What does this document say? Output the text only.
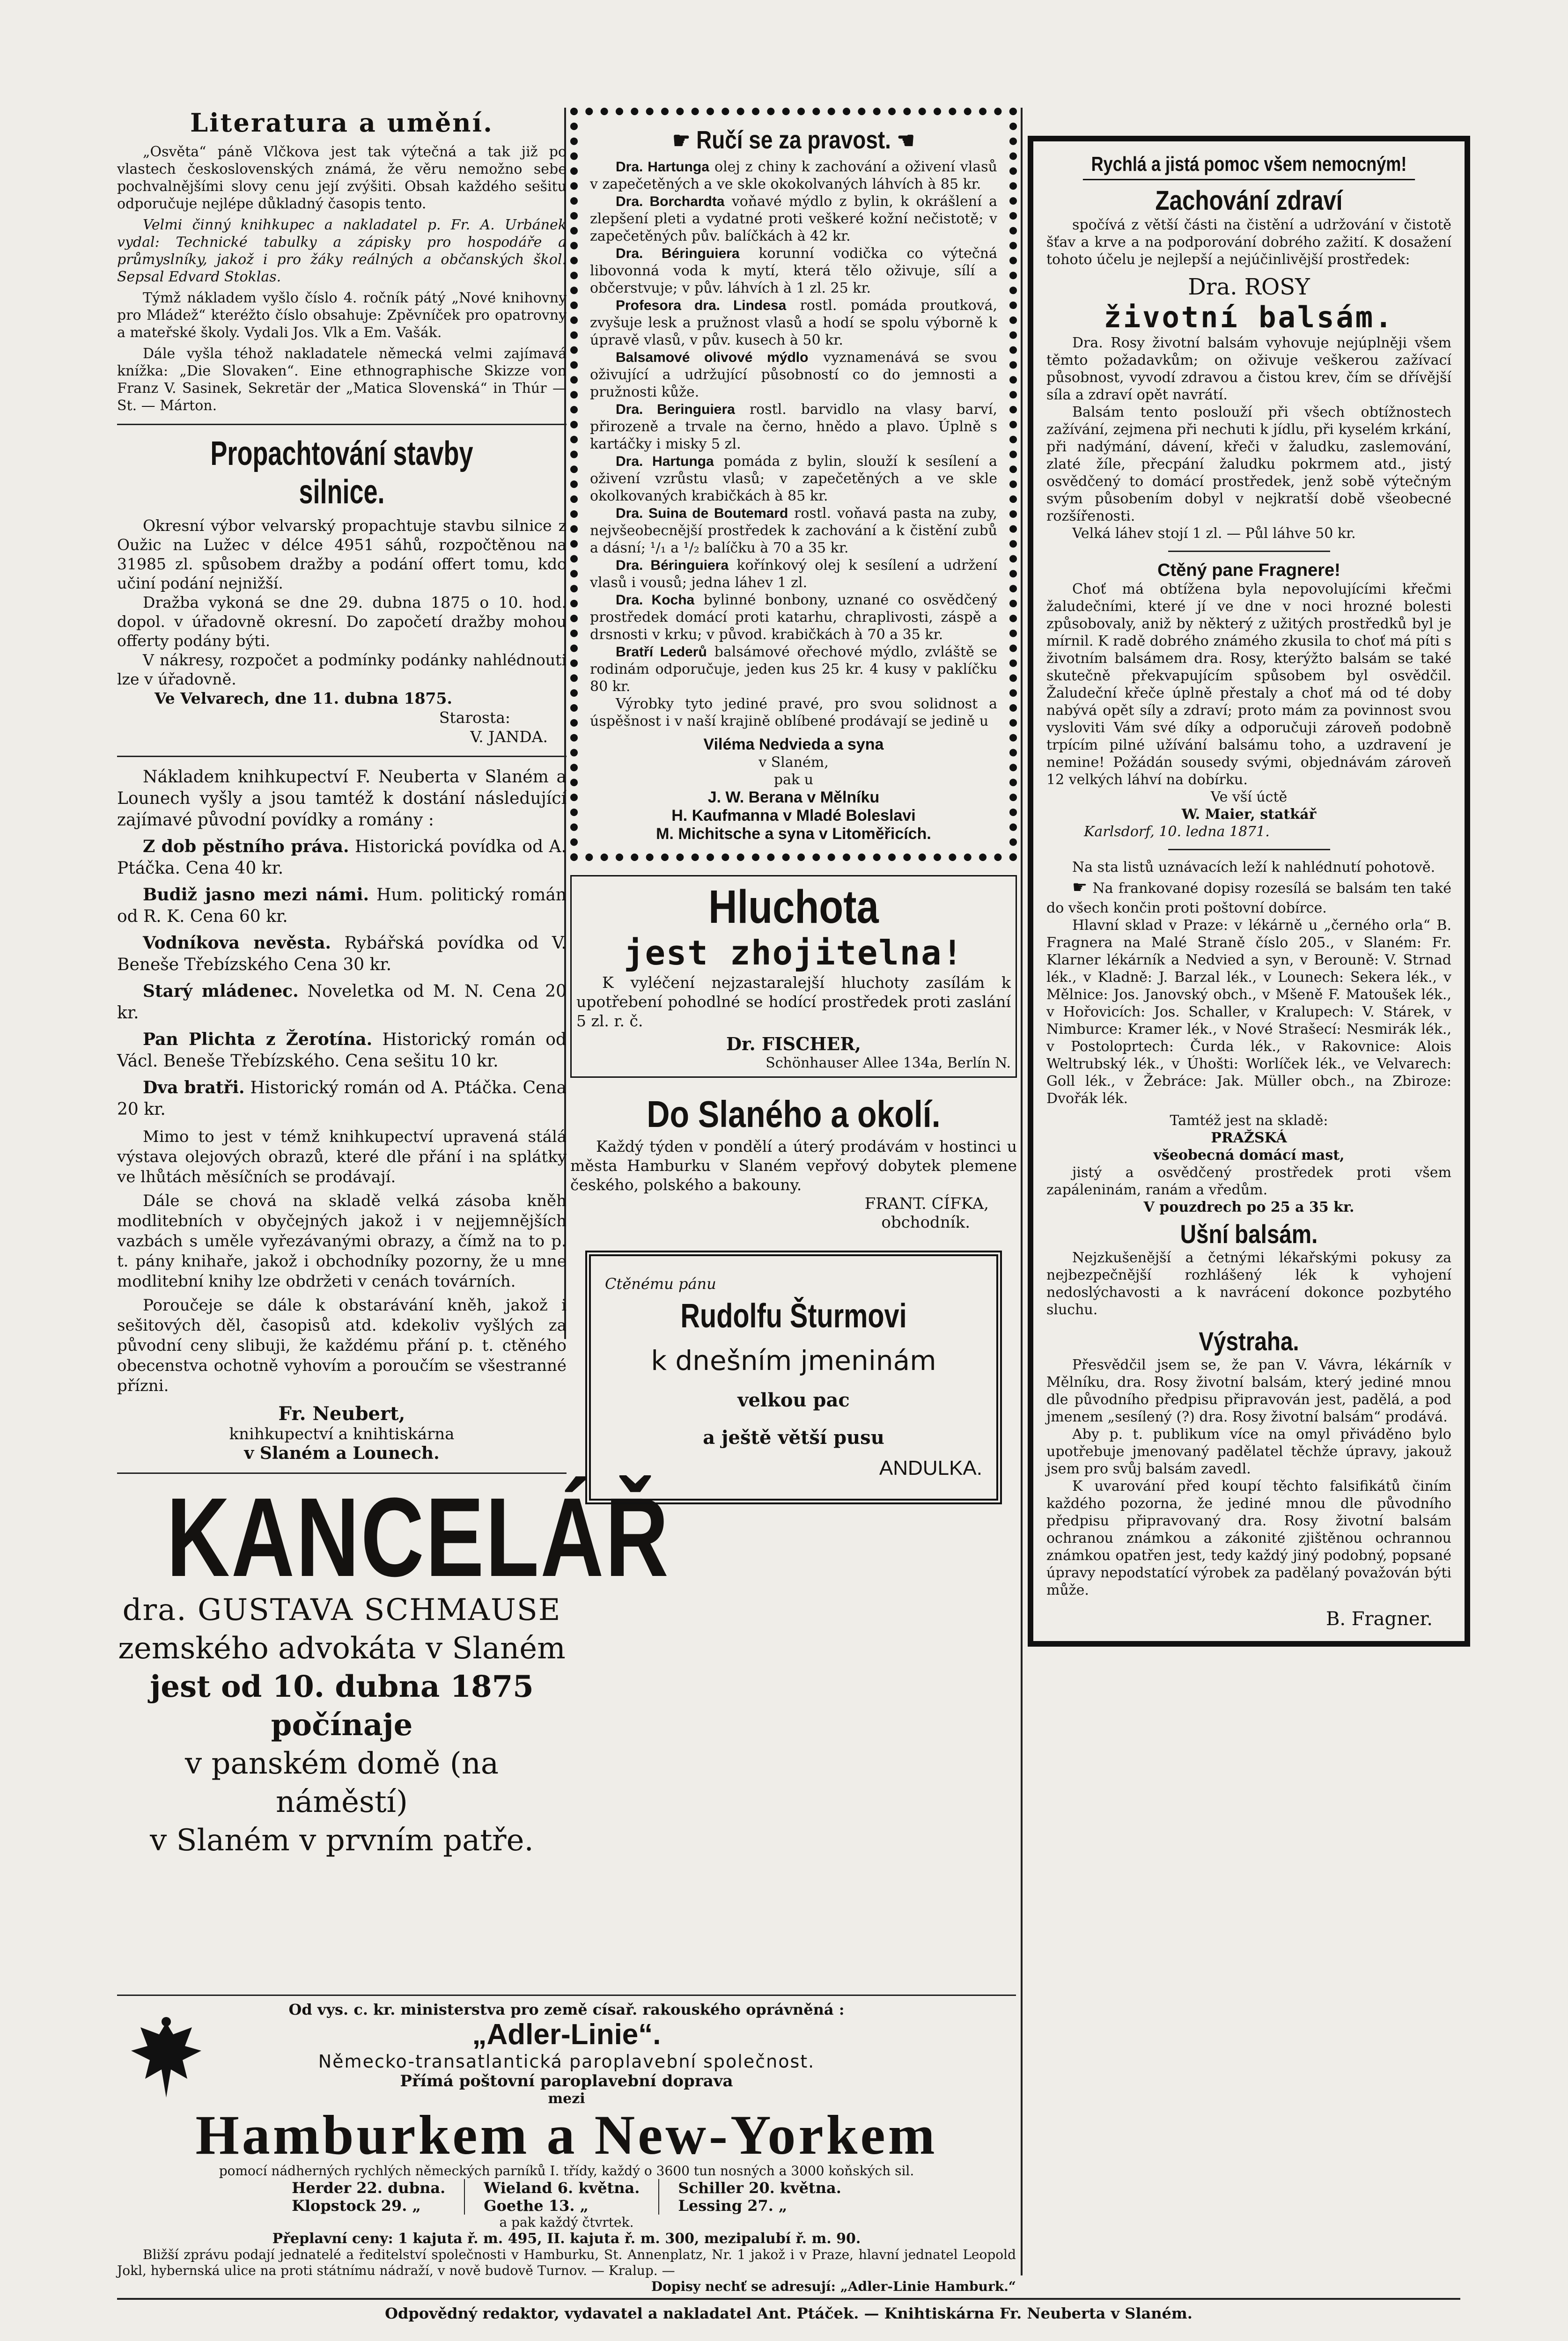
Literatura a umění.

„Osvěta“ páně Vlčkova jest tak výtečná a tak již po vlastech československých známá, že věru nemožno sebe pochvalnějšími slovy cenu její zvýšiti. Obsah každého sešitu odporučuje nejlépe důkladný časopis tento.

Velmi činný knihkupec a nakladatel p. Fr. A. Urbánek vydal: Technické tabulky a zápisky pro hospodáře a průmyslníky, jakož i pro žáky reálných a občanských škol. Sepsal Edvard Stoklas.

Týmž nákladem vyšlo číslo 4. ročník pátý „Nové knihovny pro Mládež“ kteréžto číslo obsahuje: Zpěvníček pro opatrovny a mateřské školy. Vydali Jos. Vlk a Em. Vašák.

Dále vyšla téhož nakladatele německá velmi zajímavá knížka: „Die Slovaken“. Eine ethnographische Skizze von Franz V. Sasinek, Sekretär der „Matica Slovenská“ in Thúr — St. — Márton.

Propachtování stavby silnice.

Okresní výbor velvarský propachtuje stavbu silnice z Oužic na Lužec v délce 4951 sáhů, rozpočtěnou na 31985 zl. spůsobem dražby a podání offert tomu, kdo učiní podání nejnižší.

Dražba vykoná se dne 29. dubna 1875 o 10. hod. dopol. v úřadovně okresní. Do započetí dražby mohou offerty podány býti.

V nákresy, rozpočet a podmínky podánky nahlédnouti lze v úřadovně.

Ve Velvarech, dne 11. dubna 1875.

Starosta:

V. JANDA.

Nákladem knihkupectví F. Neuberta v Slaném a Lounech vyšly a jsou tamtéž k dostání následující zajímavé původní povídky a romány :

Z dob pěstního práva. Historická povídka od A. Ptáčka. Cena 40 kr.

Budiž jasno mezi námi. Hum. politický román od R. K. Cena 60 kr.

Vodníkova nevěsta. Rybářská povídka od V. Beneše Třebízského Cena 30 kr.

Starý mládenec. Noveletka od M. N. Cena 20 kr.

Pan Plichta z Žerotína. Historický román od Václ. Beneše Třebízského. Cena sešitu 10 kr.

Dva bratři. Historický román od A. Ptáčka. Cena 20 kr.

Mimo to jest v témž knihkupectví upravená stálá výstava olejových obrazů, které dle přání i na splátky ve lhůtách měsíčních se prodávají.

Dále se chová na skladě velká zásoba kněh modlitebních v obyčejných jakož i v nejjemnějších vazbách s uměle vyřezávanými obrazy, a čímž na to p. t. pány knihaře, jakož i obchodníky pozorny, že u mne modlitební knihy lze obdržeti v cenách továrních.

Poroučeje se dále k obstarávání kněh, jakož i sešitových děl, časopisů atd. kdekoliv vyšlých za původní ceny slibuji, že každému přání p. t. ctěného obecenstva ochotně vyhovím a poroučím se všestranné přízni.

Fr. Neubert,

knihkupectví a knihtiskárna

v Slaném a Lounech.

KANCELÁŘ

dra. GUSTAVA SCHMAUSE

zemského advokáta v Slaném

jest od 10. dubna 1875 počínaje

v panském domě (na náměstí)

v Slaném v prvním patře.

☛ Ručí se za pravost. ☚

Dra. Hartunga olej z chiny k zachování a oživení vlasů v zapečetěných a ve skle okokolvaných láhvích à 85 kr.

Dra. Borchardta voňavé mýdlo z bylin, k okrášlení a zlepšení pleti a vydatné proti veškeré kožní nečistotě; v zapečetěných pův. balíčkách à 42 kr.

Dra. Béringuiera korunní vodička co výtečná libovonná voda k mytí, která tělo oživuje, sílí a občerstvuje; v pův. láhvích à 1 zl. 25 kr.

Profesora dra. Lindesa rostl. pomáda proutková, zvyšuje lesk a pružnost vlasů a hodí se spolu výborně k úpravě vlasů, v pův. kusech à 50 kr.

Balsamové olivové mýdlo vyznamenává se svou oživující a udržující působností co do jemnosti a pružnosti kůže.

Dra. Beringuiera rostl. barvidlo na vlasy barví, přirozeně a trvale na černo, hnědo a plavo. Úplně s kartáčky i misky 5 zl.

Dra. Hartunga pomáda z bylin, slouží k sesílení a oživení vzrůstu vlasů; v zapečetěných a ve skle okolkovaných krabičkách à 85 kr.

Dra. Suina de Boutemard rostl. voňavá pasta na zuby, nejvšeobecnější prostředek k zachování a k čistění zubů a dásní; ¹/₁ a ¹/₂ balíčku à 70 a 35 kr.

Dra. Béringuiera kořínkový olej k sesílení a udržení vlasů i vousů; jedna láhev 1 zl.

Dra. Kocha bylinné bonbony, uznané co osvědčený prostředek domácí proti katarhu, chraplivosti, záspě a drsnosti v krku; v původ. krabičkách à 70 a 35 kr.

Bratří Lederů balsámové ořechové mýdlo, zvláště se rodinám odporučuje, jeden kus 25 kr. 4 kusy v paklíčku 80 kr.

Výrobky tyto jediné pravé, pro svou solidnost a úspěšnost i v naší krajině oblíbené prodávají se jedině u

Viléma Nedvieda a syna

v Slaném,

pak u

J. W. Berana v Mělníku

H. Kaufmanna v Mladé Boleslavi

M. Michitsche a syna v Litoměřicích.

Hluchota
jest zhojitelna!

K vyléčení nejzastaralejší hluchoty zasílám k upotřebení pohodlné se hodící prostředek proti zaslání 5 zl. r. č.

Dr. FISCHER,

Schönhauser Allee 134a, Berlín N.

Do Slaného a okolí.

Každý týden v pondělí a úterý prodávám v hostinci u města Hamburku v Slaném vepřový dobytek plemene českého, polského a bakouny.

FRANT. CÍFKA,

obchodník.

Ctěnému pánu

Rudolfu Šturmovi

k dnešním jmeninám

velkou pac

a ještě větší pusu

ANDULKA.

Od vys. c. kr. ministerstva pro země císař. rakouského oprávněná :

„Adler-Linie“.

Německo-transatlantická paroplavební společnost.

Přímá poštovní paroplavební doprava

mezi

Hamburkem a New-Yorkem

pomocí nádherných rychlých německých parníků I. třídy, každý o 3600 tun nosných a 3000 koňských sil.

Herder 22. dubna.	Wieland 6. května.	Schiller 20. května.
Klopstock 29. „	Goethe 13. „	Lessing 27. „

a pak každý čtvrtek.

Přeplavní ceny: 1 kajuta ř. m. 495, II. kajuta ř. m. 300, mezipalubí ř. m. 90.

Bližší zprávu podají jednatelé a ředitelství společnosti v Hamburku, St. Annenplatz, Nr. 1 jakož i v Praze, hlavní jednatel Leopold Jokl, hybernská ulice na proti státnímu nádraží, v nově budově Turnov. — Kralup. —

Dopisy nechť se adresují: „Adler-Linie Hamburk.“

Rychlá a jistá pomoc všem nemocným!

Zachování zdraví

spočívá z větší části na čistění a udržování v čistotě šťav a krve a na podporování dobrého zažití. K dosažení tohoto účelu je nejlepší a nejúčinlivější prostředek:

Dra. ROSY

životní balsám.

Dra. Rosy životní balsám vyhovuje nejúplněji všem těmto požadavkům; on oživuje veškerou zažívací působnost, vyvodí zdravou a čistou krev, čím se dřívější síla a zdraví opět navrátí.

Balsám tento poslouží při všech obtížnostech zažívání, zejmena při nechuti k jídlu, při kyselém krkání, při nadýmání, dávení, křeči v žaludku, zaslemování, zlaté žíle, přecpání žaludku pokrmem atd., jistý osvědčený to domácí prostředek, jenž sobě výtečným svým působením dobyl v nejkratší době všeobecné rozšířenosti.

Velká láhev stojí 1 zl. — Půl láhve 50 kr.

Ctěný pane Fragnere!

Choť má obtížena byla nepovolujícími křečmi žaludečními, které jí ve dne v noci hrozné bolesti způsobovaly, aniž by některý z užitých prostředků byl je mírnil. K radě dobrého známého zkusila to choť má píti s životním balsámem dra. Rosy, kterýžto balsám se také skutečně překvapujícím spůsobem byl osvědčil. Žaludeční křeče úplně přestaly a choť má od té doby nabývá opět síly a zdraví; proto mám za povinnost svou vysloviti Vám své díky a odporučuji zároveň podobně trpícím pilné užívání balsámu toho, a uzdravení je nemine! Požádán sousedy svými, objednávám zároveň 12 velkých láhví na dobírku.

Ve vší úctě

W. Maier, statkář

Karlsdorf, 10. ledna 1871.

Na sta listů uznávacích leží k nahlédnutí pohotově.

☛ Na frankované dopisy rozesílá se balsám ten také do všech končin proti poštovní dobírce.

Hlavní sklad v Praze: v lékárně u „černého orla“ B. Fragnera na Malé Straně číslo 205., v Slaném: Fr. Klarner lékárník a Nedvied a syn, v Berouně: V. Strnad lék., v Kladně: J. Barzal lék., v Lounech: Sekera lék., v Mělnice: Jos. Janovský obch., v Mšeně F. Matoušek lék., v Hořovicích: Jos. Schaller, v Kralupech: V. Stárek, v Nimburce: Kramer lék., v Nové Strašecí: Nesmirák lék., v Postoloprtech: Čurda lék., v Rakovnice: Alois Weltrubský lék., v Úhošti: Worlíček lék., ve Velvarech: Goll lék., v Žebráce: Jak. Müller obch., na Zbiroze: Dvořák lék.

Tamtéž jest na skladě:

PRAŽSKÁ

všeobecná domácí mast,

jistý a osvědčený prostředek proti všem zapáleninám, ranám a vředům.

V pouzdrech po 25 a 35 kr.

Ušní balsám.

Nejzkušenější a četnými lékařskými pokusy za nejbezpečnější rozhlášený lék k vyhojení nedoslýchavosti a k navrácení dokonce pozbytého sluchu.

Výstraha.

Přesvědčil jsem se, že pan V. Vávra, lékárník v Mělníku, dra. Rosy životní balsám, který jediné mnou dle původního předpisu připravován jest, padělá, a pod jmenem „sesílený (?) dra. Rosy životní balsám“ prodává.

Aby p. t. publikum více na omyl přiváděno bylo upotřebuje jmenovaný padělatel těchže úpravy, jakouž jsem pro svůj balsám zavedl.

K uvarování před koupí těchto falsifikátů činím každého pozorna, že jediné mnou dle původního předpisu připravovaný dra. Rosy životní balsám ochranou známkou a zákonité zjištěnou ochrannou známkou opatřen jest, tedy každý jiný podobný, popsané úpravy nepodstatící výrobek za padělaný považován býti může.

B. Fragner.

Odpovědný redaktor, vydavatel a nakladatel Ant. Ptáček. — Knihtiskárna Fr. Neuberta v Slaném.
